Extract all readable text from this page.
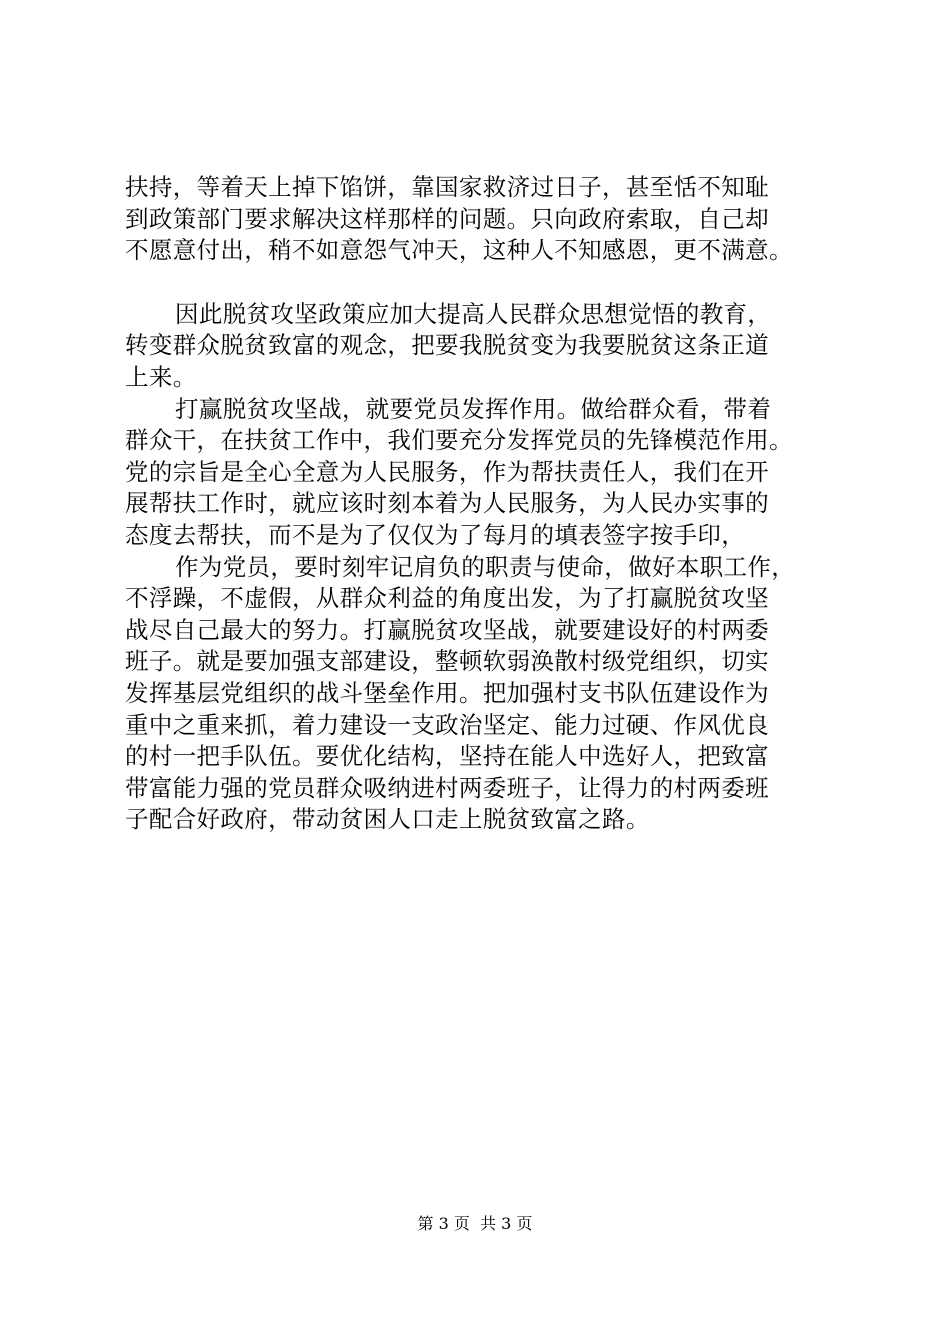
扶持，等着天上掉下馅饼，靠国家救济过日子，甚至恬不知耻
到政策部门要求解决这样那样的问题。只向政府索取，自己却
不愿意付出，稍不如意怨气冲天，这种人不知感恩，更不满意。
因此脱贫攻坚政策应加大提高人民群众思想觉悟的教育，
转变群众脱贫致富的观念，把要我脱贫变为我要脱贫这条正道
上来。
打赢脱贫攻坚战，就要党员发挥作用。做给群众看，带着
群众干，在扶贫工作中，我们要充分发挥党员的先锋模范作用。
党的宗旨是全心全意为人民服务，作为帮扶责任人，我们在开
展帮扶工作时，就应该时刻本着为人民服务，为人民办实事的
态度去帮扶，而不是为了仅仅为了每月的填表签字按手印，
作为党员，要时刻牢记肩负的职责与使命，做好本职工作，
不浮躁，不虚假，从群众利益的角度出发，为了打赢脱贫攻坚
战尽自己最大的努力。打赢脱贫攻坚战，就要建设好的村两委
班子。就是要加强支部建设，整顿软弱涣散村级党组织，切实
发挥基层党组织的战斗堡垒作用。把加强村支书队伍建设作为
重中之重来抓，着力建设一支政治坚定、能力过硬、作风优良
的村一把手队伍。要优化结构，坚持在能人中选好人，把致富
带富能力强的党员群众吸纳进村两委班子，让得力的村两委班
子配合好政府，带动贫困人口走上脱贫致富之路。
第 3 页  共 3 页
